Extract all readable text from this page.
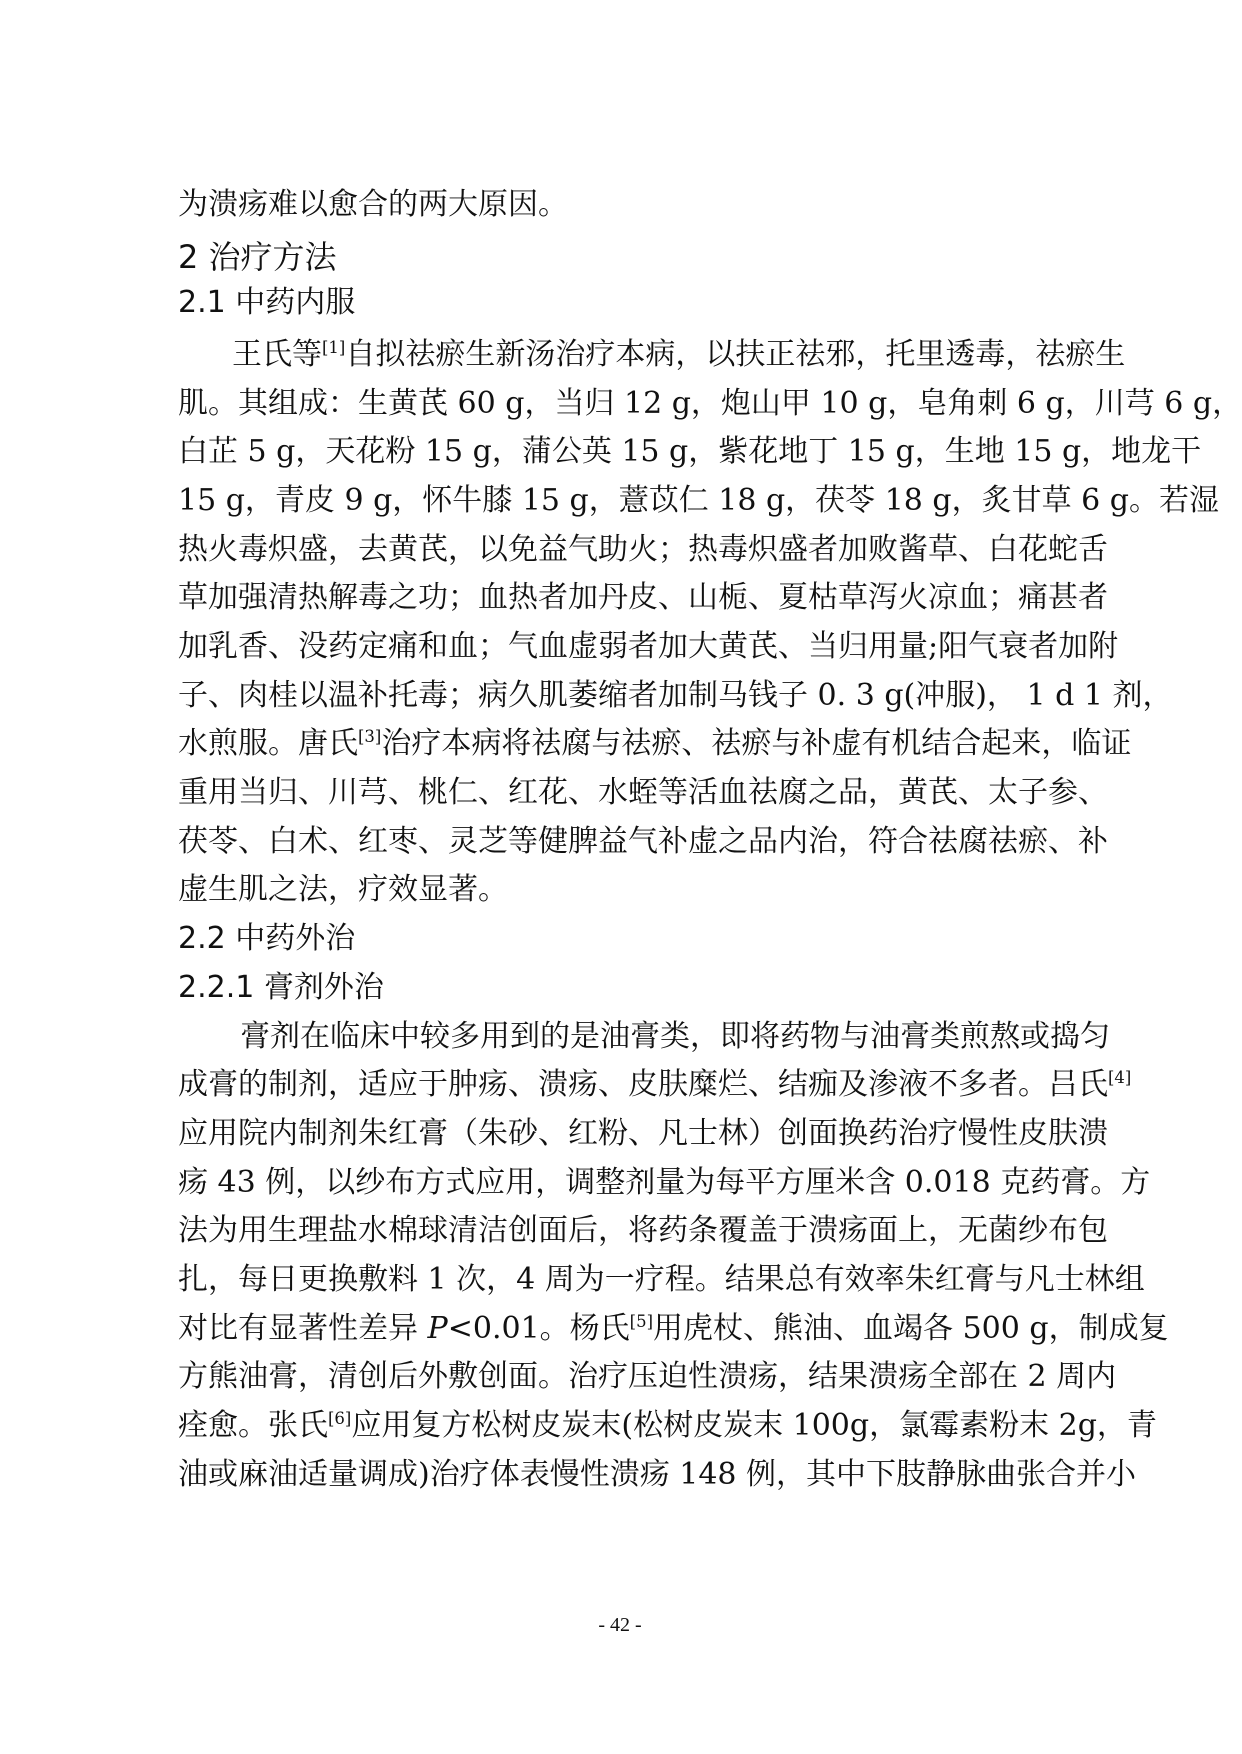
为溃疡难以愈合的两大原因。
2 治疗方法
2.1 中药内服
王氏等[1]自拟祛瘀生新汤治疗本病，以扶正祛邪，托里透毒，祛瘀生
肌。其组成：生黄芪 60 g，当归 12 g，炮山甲 10 g，皂角刺 6 g，川芎 6 g，
白芷 5 g，天花粉 15 g，蒲公英 15 g，紫花地丁 15 g，生地 15 g，地龙干
15 g，青皮 9 g，怀牛膝 15 g，薏苡仁 18 g，茯苓 18 g，炙甘草 6 g。若湿
热火毒炽盛，去黄芪，以免益气助火；热毒炽盛者加败酱草、白花蛇舌
草加强清热解毒之功；血热者加丹皮、山栀、夏枯草泻火凉血；痛甚者
加乳香、没药定痛和血；气血虚弱者加大黄芪、当归用量;阳气衰者加附
子、肉桂以温补托毒；病久肌萎缩者加制马钱子 0. 3 g(冲服)， 1 d 1 剂，
水煎服。唐氏[3]治疗本病将祛腐与祛瘀、祛瘀与补虚有机结合起来，临证
重用当归、川芎、桃仁、红花、水蛭等活血祛腐之品，黄芪、太子参、
茯苓、白术、红枣、灵芝等健脾益气补虚之品内治，符合祛腐祛瘀、补
虚生肌之法，疗效显著。
2.2 中药外治
2.2.1 膏剂外治
膏剂在临床中较多用到的是油膏类，即将药物与油膏类煎熬或捣匀
成膏的制剂，适应于肿疡、溃疡、皮肤糜烂、结痂及渗液不多者。吕氏[4]
应用院内制剂朱红膏（朱砂、红粉、凡士林）创面换药治疗慢性皮肤溃
疡 43 例，以纱布方式应用，调整剂量为每平方厘米含 0.018 克药膏。方
法为用生理盐水棉球清洁创面后，将药条覆盖于溃疡面上，无菌纱布包
扎，每日更换敷料 1 次，4 周为一疗程。结果总有效率朱红膏与凡士林组
对比有显著性差异 P<0.01。杨氏[5]用虎杖、熊油、血竭各 500 g，制成复
方熊油膏，清创后外敷创面。治疗压迫性溃疡，结果溃疡全部在 2 周内
痊愈。张氏[6]应用复方松树皮炭末(松树皮炭末 100g，氯霉素粉末 2g，青
油或麻油适量调成)治疗体表慢性溃疡 148 例，其中下肢静脉曲张合并小
- 42 -
